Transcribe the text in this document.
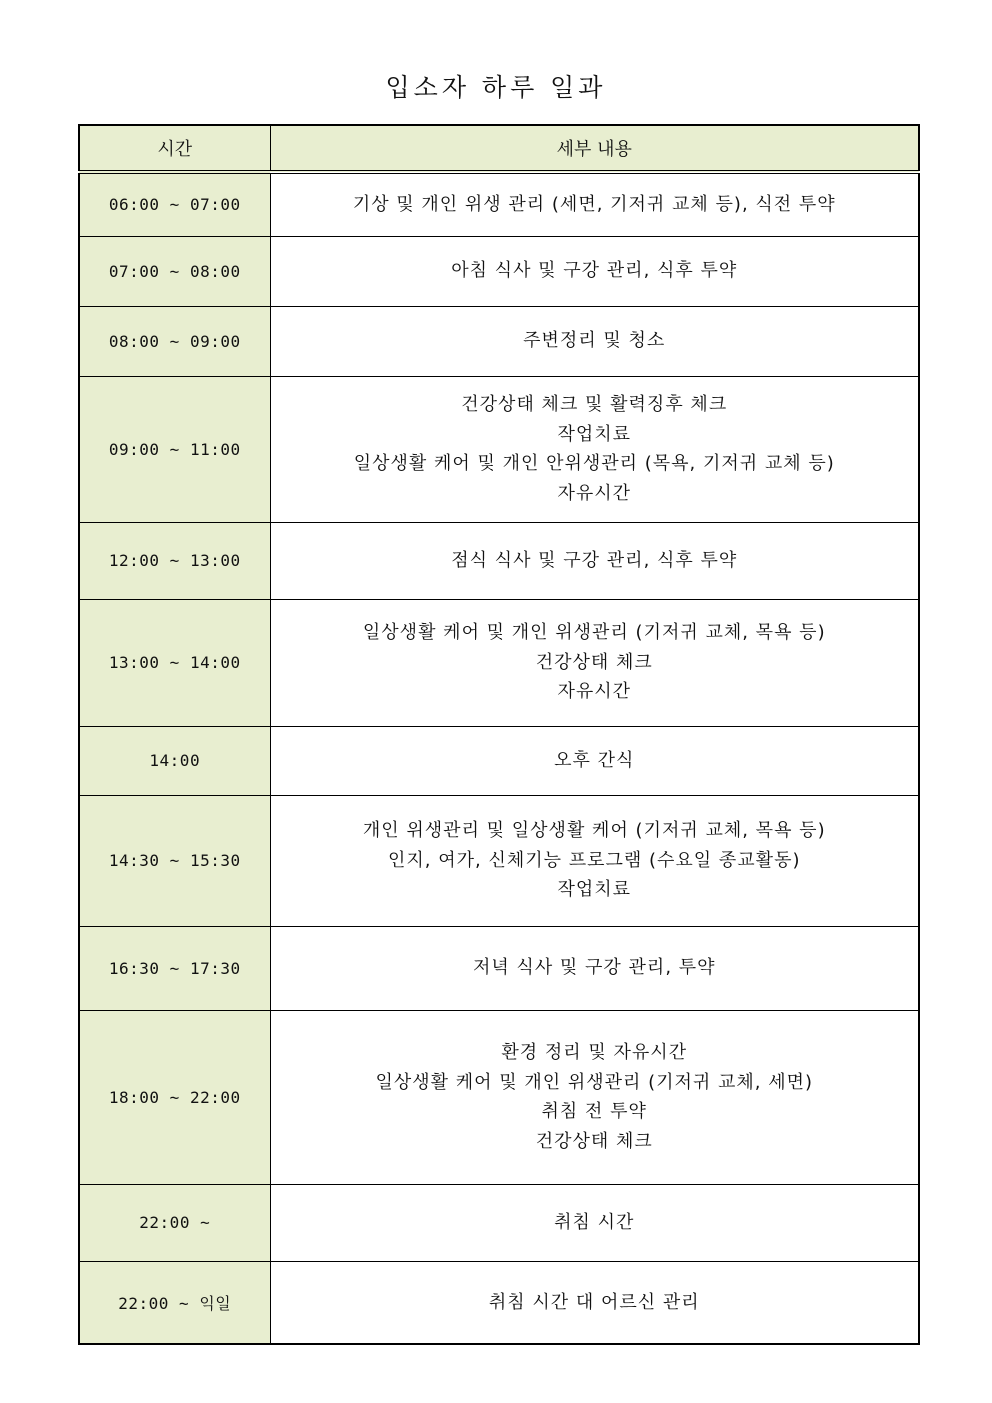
입소자 하루 일과
시간	세부 내용
06:00 ~ 07:00	기상 및 개인 위생 관리 (세면, 기저귀 교체 등), 식전 투약

07:00 ~ 08:00	아침 식사 및 구강 관리, 식후 투약

08:00 ~ 09:00	주변정리 및 청소

09:00 ~ 11:00	건강상태 체크 및 활력징후 체크
작업치료
일상생활 케어 및 개인 안위생관리 (목욕, 기저귀 교체 등)
자유시간

12:00 ~ 13:00	점식 식사 및 구강 관리, 식후 투약

13:00 ~ 14:00	일상생활 케어 및 개인 위생관리 (기저귀 교체, 목욕 등)
건강상태 체크
자유시간

14:00	오후 간식

14:30 ~ 15:30	개인 위생관리 및 일상생활 케어 (기저귀 교체, 목욕 등)
인지, 여가, 신체기능 프로그램 (수요일 종교활동)
작업치료

16:30 ~ 17:30	저녁 식사 및 구강 관리, 투약

18:00 ~ 22:00	환경 정리 및 자유시간
일상생활 케어 및 개인 위생관리 (기저귀 교체, 세면)
취침 전 투약
건강상태 체크

22:00 ~	취침 시간

22:00 ~ 익일	취침 시간 대 어르신 관리
